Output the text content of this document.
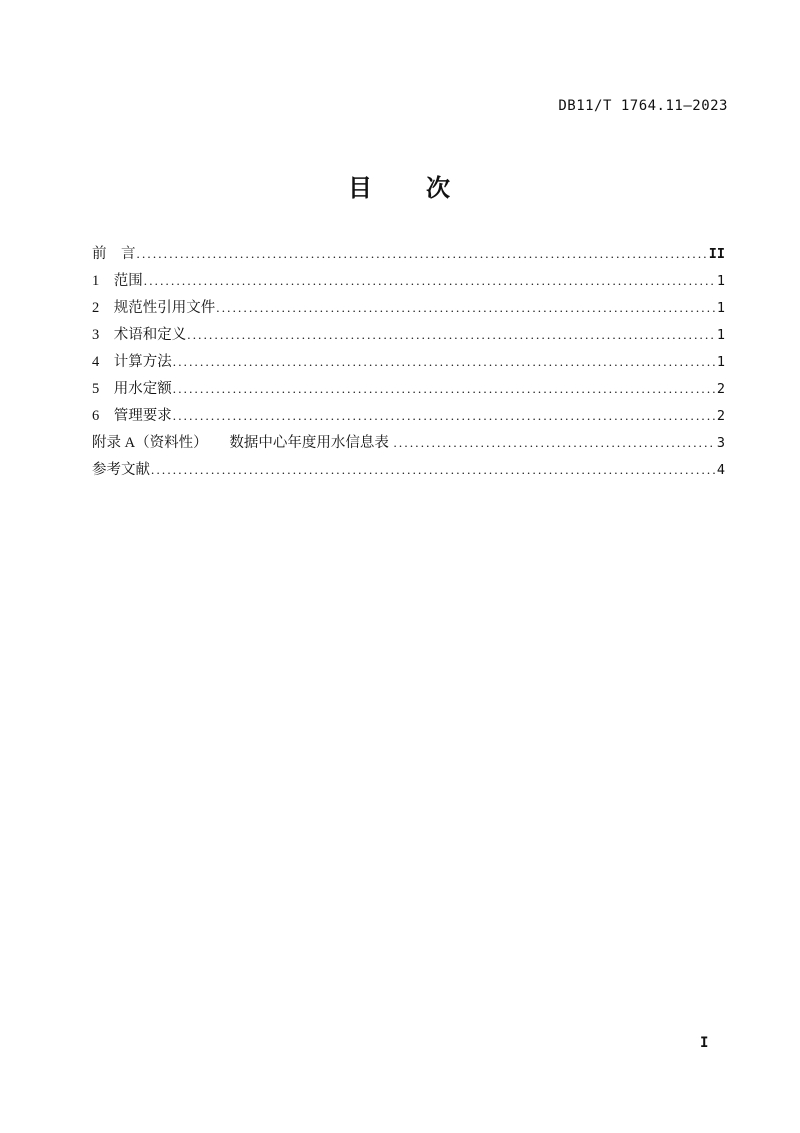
DB11/T 1764.11—2023
目　　次
前　言 .....	II
1　范围 .....	1
2　规范性引用文件 .....	1
3　术语和定义 .....	1
4　计算方法 .....	1
5　用水定额 .....	2
6　管理要求 .....	2
附录 A（资料性）　　数据中心年度用水信息表 .....	3
参考文献 .....	4
I
